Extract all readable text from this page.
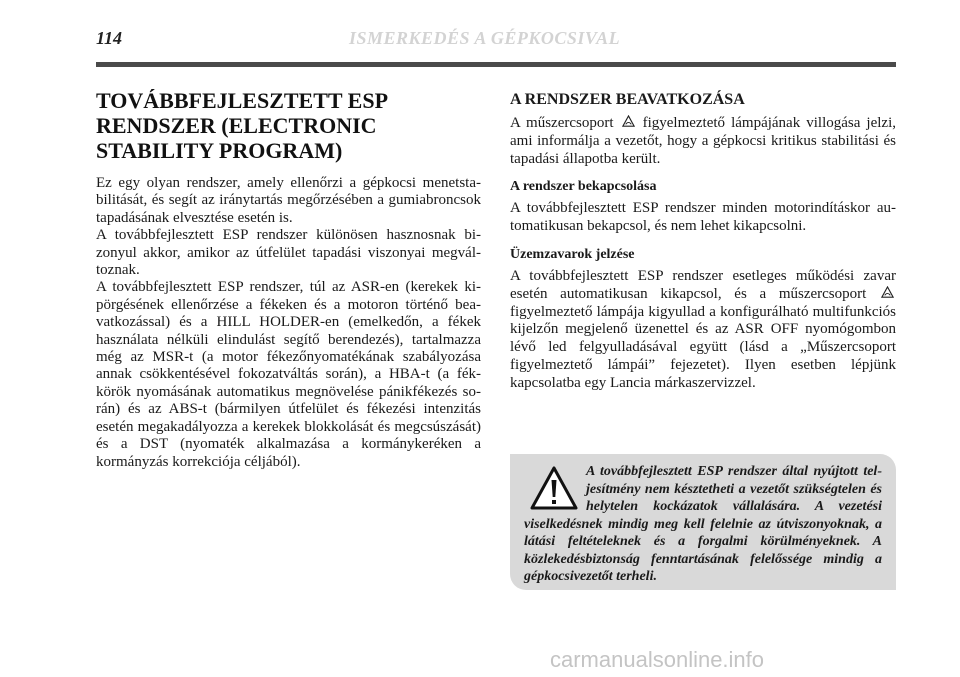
114	ISMERKEDÉS A GÉPKOCSIVAL
TOVÁBBFEJLESZTETT ESP RENDSZER (ELECTRONIC STABILITY PROGRAM)

Ez egy olyan rendszer, amely ellenőrzi a gépkocsi menetstabilitását, és segít az iránytartás megőrzésében a gumiabroncsok tapadásának elvesztése esetén is.

A továbbfejlesztett ESP rendszer különösen hasznosnak bizonyul akkor, amikor az útfelület tapadási viszonyai megváltoznak.

A továbbfejlesztett ESP rendszer, túl az ASR-en (kerekek kipörgésének ellenőrzése a fékeken és a motoron történő beavatkozással) és a HILL HOLDER-en (emelkedőn, a fékek használata nélküli elindulást segítő berendezés), tartalmazza még az MSR-t (a motor fékezőnyomatékának szabályozása annak csökkentésével fokozatváltás során), a HBA-t (a fékkörök nyomásának automatikus megnövelése pánikfékezés során) és az ABS-t (bármilyen útfelület és fékezési intenzitás esetén megakadályozza a kerekek blokkolását és megcsúszását) és a DST (nyomaték alkalmazása a kormánykeréken a kormányzás korrekciója céljából).

A RENDSZER BEAVATKOZÁSA

A műszercsoport figyelmeztető lámpájának villogása jelzi, ami informálja a vezetőt, hogy a gépkocsi kritikus stabilitási és tapadási állapotba került.

A rendszer bekapcsolása

A továbbfejlesztett ESP rendszer minden motorindításkor automatikusan bekapcsol, és nem lehet kikapcsolni.

Üzemzavarok jelzése

A továbbfejlesztett ESP rendszer esetleges működési zavar esetén automatikusan kikapcsol, és a műszercsoport  figyelmeztető lámpája kigyullad a konfigurálható multifunkciós kijelzőn megjelenő üzenettel és az ASR OFF nyomógombon lévő led felgyulladásával együtt (lásd a „Műszercsoport figyelmeztető lámpái” fejezetet). Ilyen esetben lépjünk kapcsolatba egy Lancia márkaszervizzel.

A továbbfejlesztett ESP rendszer által nyújtott teljesítmény nem késztetheti a vezetőt szükségtelen és helytelen kockázatok vállalására. A vezetési viselkedésnek mindig meg kell felelnie az útviszonyoknak, a látási feltételeknek és a forgalmi körülményeknek. A közlekedésbiztonság fenntartásának felelőssége mindig a gépkocsivezetőt terheli.

carmanualsonline.info
